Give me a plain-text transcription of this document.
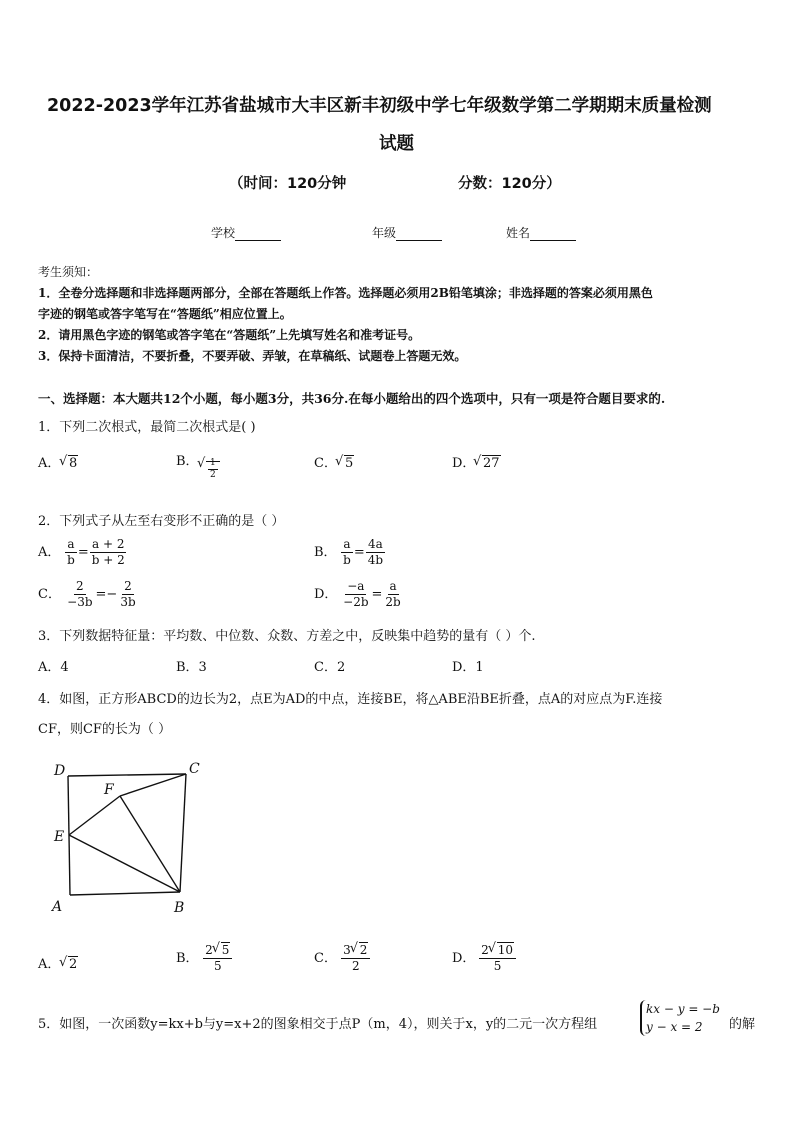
2022-2023学年江苏省盐城市大丰区新丰初级中学七年级数学第二学期期末质量检测
试题
（时间：120分钟	分数：120分）
学校	年级	姓名
考生须知：
1．全卷分选择题和非选择题两部分，全部在答题纸上作答。选择题必须用2B铅笔填涂；非选择题的答案必须用黑色
字迹的钢笔或答字笔写在“答题纸”相应位置上。
2．请用黑色字迹的钢笔或答字笔在“答题纸”上先填写姓名和准考证号。
3．保持卡面清洁，不要折叠，不要弄破、弄皱，在草稿纸、试题卷上答题无效。
一、选择题：本大题共12个小题，每小题3分，共36分.在每小题给出的四个选项中，只有一项是符合题目要求的.
1．下列二次根式，最简二次根式是( )
A． √ 8	B． √ $\frac{1}{2}$	C． √ 5	D． √ 27
2．下列式子从左至右变形不正确的是（ ）
A． $\frac{a}{b} = \frac{a + 2}{b + 2}$	B． $\frac{a}{b} = \frac{4a}{4b}$
C． $\frac{2}{-3b} =- \frac{2}{3b}$	D． $\frac{-a}{-2b} = \frac{a}{2b}$
3．下列数据特征量：平均数、中位数、众数、方差之中，反映集中趋势的量有（ ）个.
A．4	B．3	C．2	D．1
4．如图，正方形ABCD的边长为2，点E为AD的中点，连接BE，将△ABE沿BE折叠，点A的对应点为F.连接
CF，则CF的长为（ ）
D	C
F
E
A	B
A． √ 2	B． $\frac{2 √ 5}{5}$	C． $\frac{3 √ 2}{2}$	D． $\frac{2 √ 10}{5}$
5．如图，一次函数y=kx+b与y=x+2的图象相交于点P（m，4），则关于x，y的二元一次方程组
kx − y = −b
y − x = 2	的解
